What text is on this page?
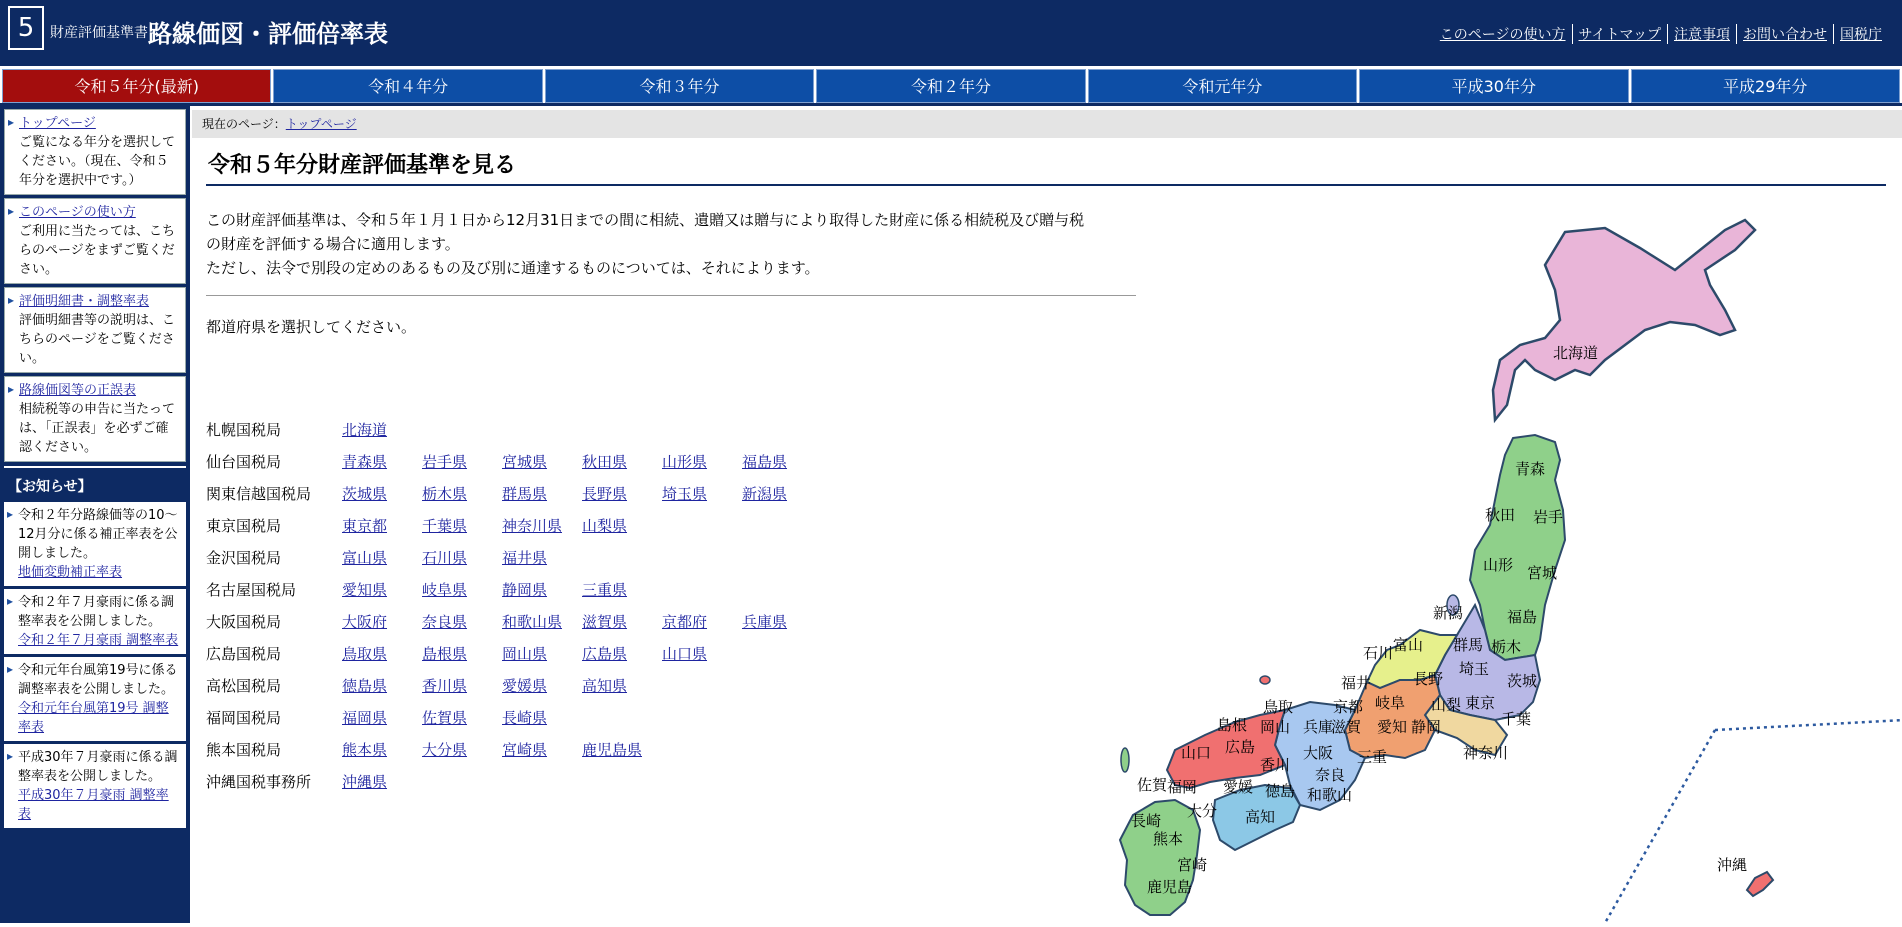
5	財産評価基準書 路線価図・評価倍率表	このページの使い方 サイトマップ 注意事項 お問い合わせ 国税庁
令和５年分(最新)	令和４年分	令和３年分	令和２年分	令和元年分	平成30年分	平成29年分
▸ トップページ
ご覧になる年分を選択してください。（現在、令和５年分を選択中です。）
▸ このページの使い方
ご利用に当たっては、こちらのページをまずご覧ください。
▸ 評価明細書・調整率表
評価明細書等の説明は、こちらのページをご覧ください。
▸ 路線価図等の正誤表
相続税等の申告に当たっては、「正誤表」を必ずご確認ください。
【お知らせ】
▸ 令和２年分路線価等の10～12月分に係る補正率表を公開しました。
地価変動補正率表
▸ 令和２年７月豪雨に係る調整率表を公開しました。
令和２年７月豪雨 調整率表
▸ 令和元年台風第19号に係る調整率表を公開しました。
令和元年台風第19号 調整率表
▸ 平成30年７月豪雨に係る調整率表を公開しました。
平成30年７月豪雨 調整率表
現在のページ：トップページ
令和５年分財産評価基準を見る
この財産評価基準は、令和５年１月１日から12月31日までの間に相続、遺贈又は贈与により取得した財産に係る相続税及び贈与税
の財産を評価する場合に適用します。
ただし、法令で別段の定めのあるもの及び別に通達するものについては、それによります。
都道府県を選択してください。
札幌国税局	北海道
仙台国税局	青森県	岩手県	宮城県	秋田県	山形県	福島県
関東信越国税局	茨城県	栃木県	群馬県	長野県	埼玉県	新潟県
東京国税局	東京都	千葉県	神奈川県	山梨県
金沢国税局	富山県	石川県	福井県
名古屋国税局	愛知県	岐阜県	静岡県	三重県
大阪国税局	大阪府	奈良県	和歌山県	滋賀県	京都府	兵庫県
広島国税局	鳥取県	島根県	岡山県	広島県	山口県
高松国税局	徳島県	香川県	愛媛県	高知県
福岡国税局	福岡県	佐賀県	長崎県
熊本国税局	熊本県	大分県	宮崎県	鹿児島県
沖縄国税事務所	沖縄県
北海道
青森
秋田 岩手
山形 宮城
新潟	福島
石川 富山 群馬 栃木
福井	長野
埼玉
茨城
岐阜 山梨 東京
千葉
鳥取
島根
京都
兵庫
滋賀 愛知 静岡
岡山
広島
山口	大阪 三重	神奈川
香川
佐賀 福岡 愛媛 徳島
奈良
和歌山
長崎
大分 高知
熊本
宮崎
鹿児島
沖縄
